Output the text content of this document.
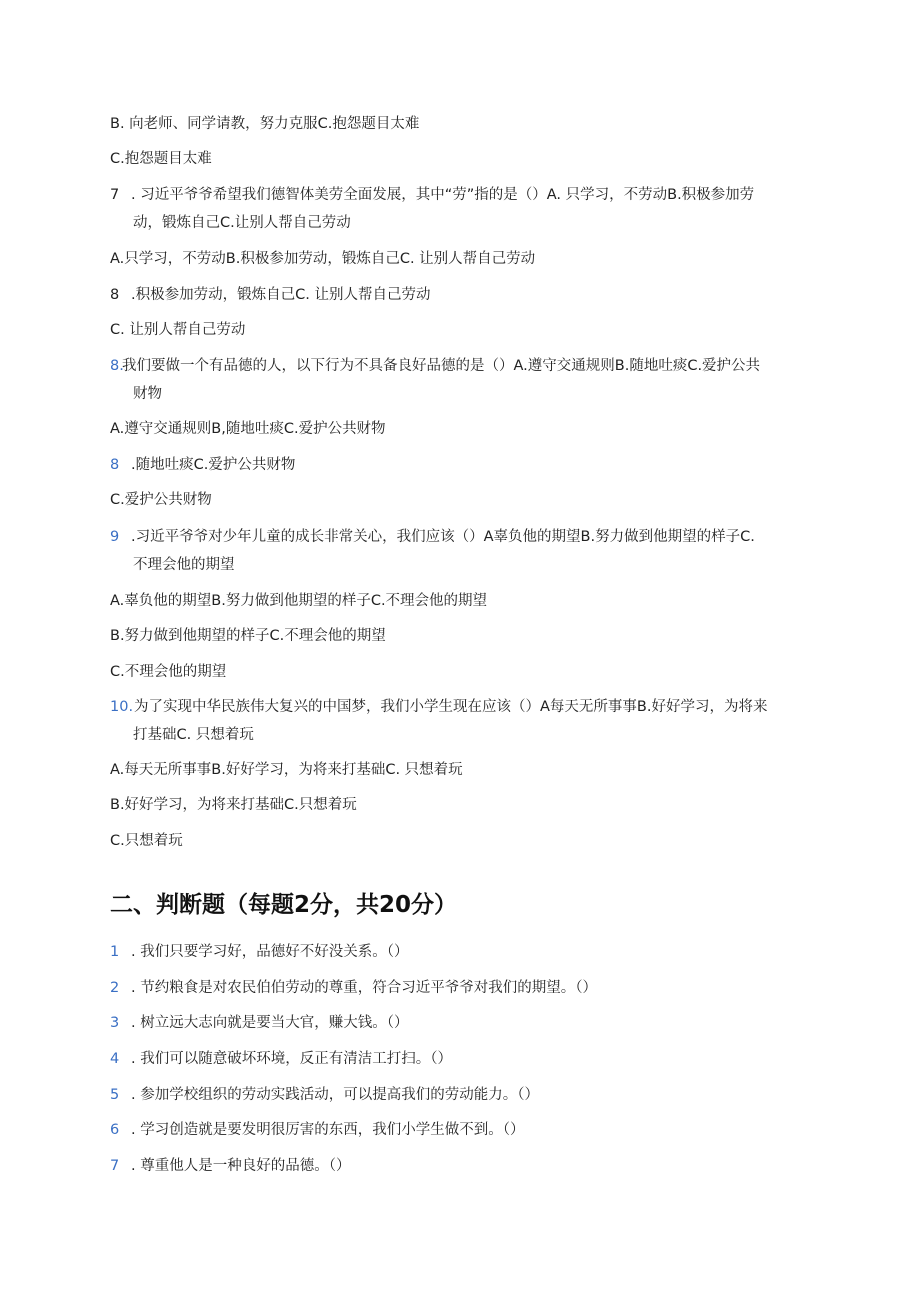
B. 向老师、同学请教，努力克服C.抱怨题目太难

C.抱怨题目太难

7 . 习近平爷爷希望我们德智体美劳全面发展，其中“劳”指的是（）A. 只学习，不劳动B.积极参加劳
动，锻炼自己C.让别人帮自己劳动

A.只学习，不劳动B.积极参加劳动，锻炼自己C. 让别人帮自己劳动

8 .积极参加劳动，锻炼自己C. 让别人帮自己劳动

C. 让别人帮自己劳动

8.
我们要做一个有品德的人，以下行为不具备良好品德的是（）A.遵守交通规则B.随地吐痰C.爱护公共
财物

A.遵守交通规则B,随地吐痰C.爱护公共财物

8 .随地吐痰C.爱护公共财物

C.爱护公共财物

9 .习近平爷爷对少年儿童的成长非常关心，我们应该（）A辜负他的期望B.努力做到他期望的样子C.
不理会他的期望

A.辜负他的期望B.努力做到他期望的样子C.不理会他的期望

B.努力做到他期望的样子C.不理会他的期望

C.不理会他的期望

10. 为了实现中华民族伟大复兴的中国梦，我们小学生现在应该（）A每天无所事事B.好好学习，为将来
打基础C. 只想着玩

A.每天无所事事B.好好学习，为将来打基础C. 只想着玩

B.好好学习，为将来打基础C.只想着玩

C.只想着玩

二、判断题（每题2分，共20分）
1 . 我们只要学习好，品德好不好没关系。（）
2 . 节约粮食是对农民伯伯劳动的尊重，符合习近平爷爷对我们的期望。（）
3 . 树立远大志向就是要当大官，赚大钱。（）
4 . 我们可以随意破坏环境，反正有清洁工打扫。（）
5 . 参加学校组织的劳动实践活动，可以提高我们的劳动能力。（）
6 . 学习创造就是要发明很厉害的东西，我们小学生做不到。（）
7 . 尊重他人是一种良好的品德。（）
